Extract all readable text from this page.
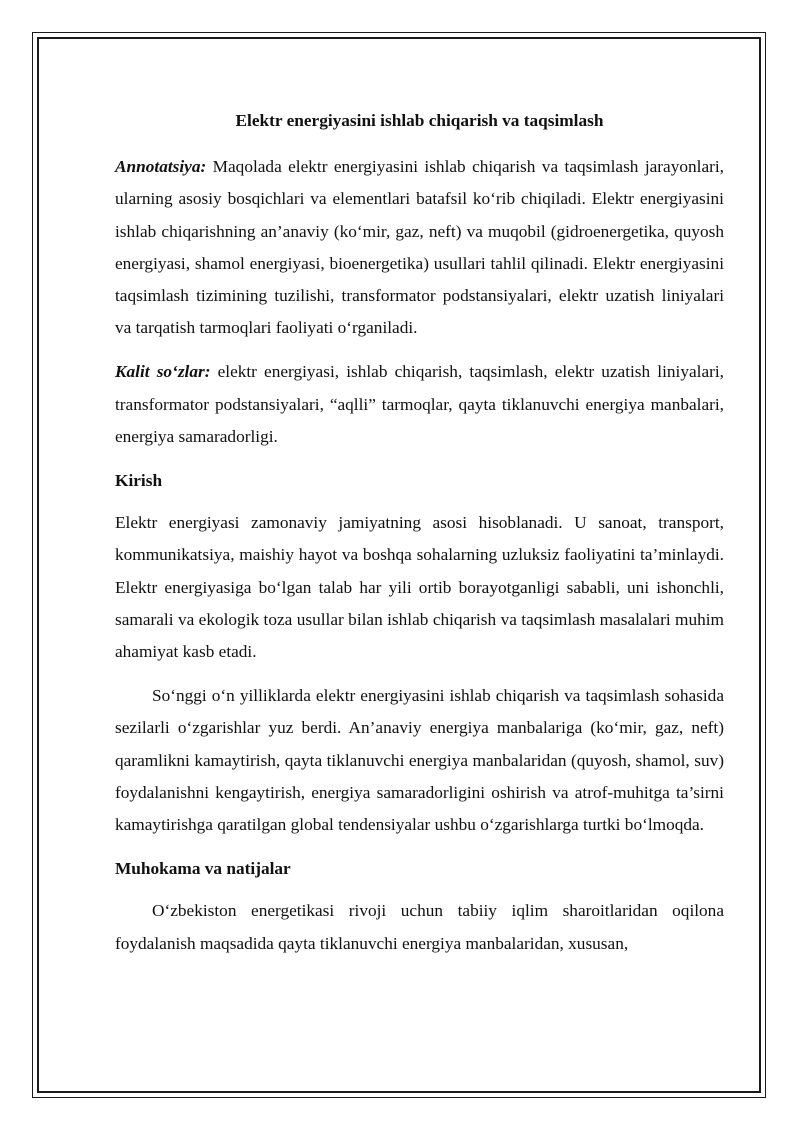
Elektr energiyasini ishlab chiqarish va taqsimlash

Annotatsiya: Maqolada elektr energiyasini ishlab chiqarish va taqsimlash jarayonlari, ularning asosiy bosqichlari va elementlari batafsil ko‘rib chiqiladi. Elektr energiyasini ishlab chiqarishning an’anaviy (ko‘mir, gaz, neft) va muqobil (gidroenergetika, quyosh energiyasi, shamol energiyasi, bioenergetika) usullari tahlil qilinadi. Elektr energiyasini taqsimlash tizimining tuzilishi, transformator podstansiyalari, elektr uzatish liniyalari va tarqatish tarmoqlari faoliyati o‘rganiladi.

Kalit so‘zlar: elektr energiyasi, ishlab chiqarish, taqsimlash, elektr uzatish liniyalari, transformator podstansiyalari, “aqlli” tarmoqlar, qayta tiklanuvchi energiya manbalari, energiya samaradorligi.

Kirish

Elektr energiyasi zamonaviy jamiyatning asosi hisoblanadi. U sanoat, transport, kommunikatsiya, maishiy hayot va boshqa sohalarning uzluksiz faoliyatini ta’minlaydi. Elektr energiyasiga bo‘lgan talab har yili ortib borayotganligi sababli, uni ishonchli, samarali va ekologik toza usullar bilan ishlab chiqarish va taqsimlash masalalari muhim ahamiyat kasb etadi.

So‘nggi o‘n yilliklarda elektr energiyasini ishlab chiqarish va taqsimlash sohasida sezilarli o‘zgarishlar yuz berdi. An’anaviy energiya manbalariga (ko‘mir, gaz, neft) qaramlikni kamaytirish, qayta tiklanuvchi energiya manbalaridan (quyosh, shamol, suv) foydalanishni kengaytirish, energiya samaradorligini oshirish va atrof-muhitga ta’sirni kamaytirishga qaratilgan global tendensiyalar ushbu o‘zgarishlarga turtki bo‘lmoqda.

Muhokama va natijalar

O‘zbekiston energetikasi rivoji uchun tabiiy iqlim sharoitlaridan oqilona foydalanish maqsadida qayta tiklanuvchi energiya manbalaridan, xususan,
